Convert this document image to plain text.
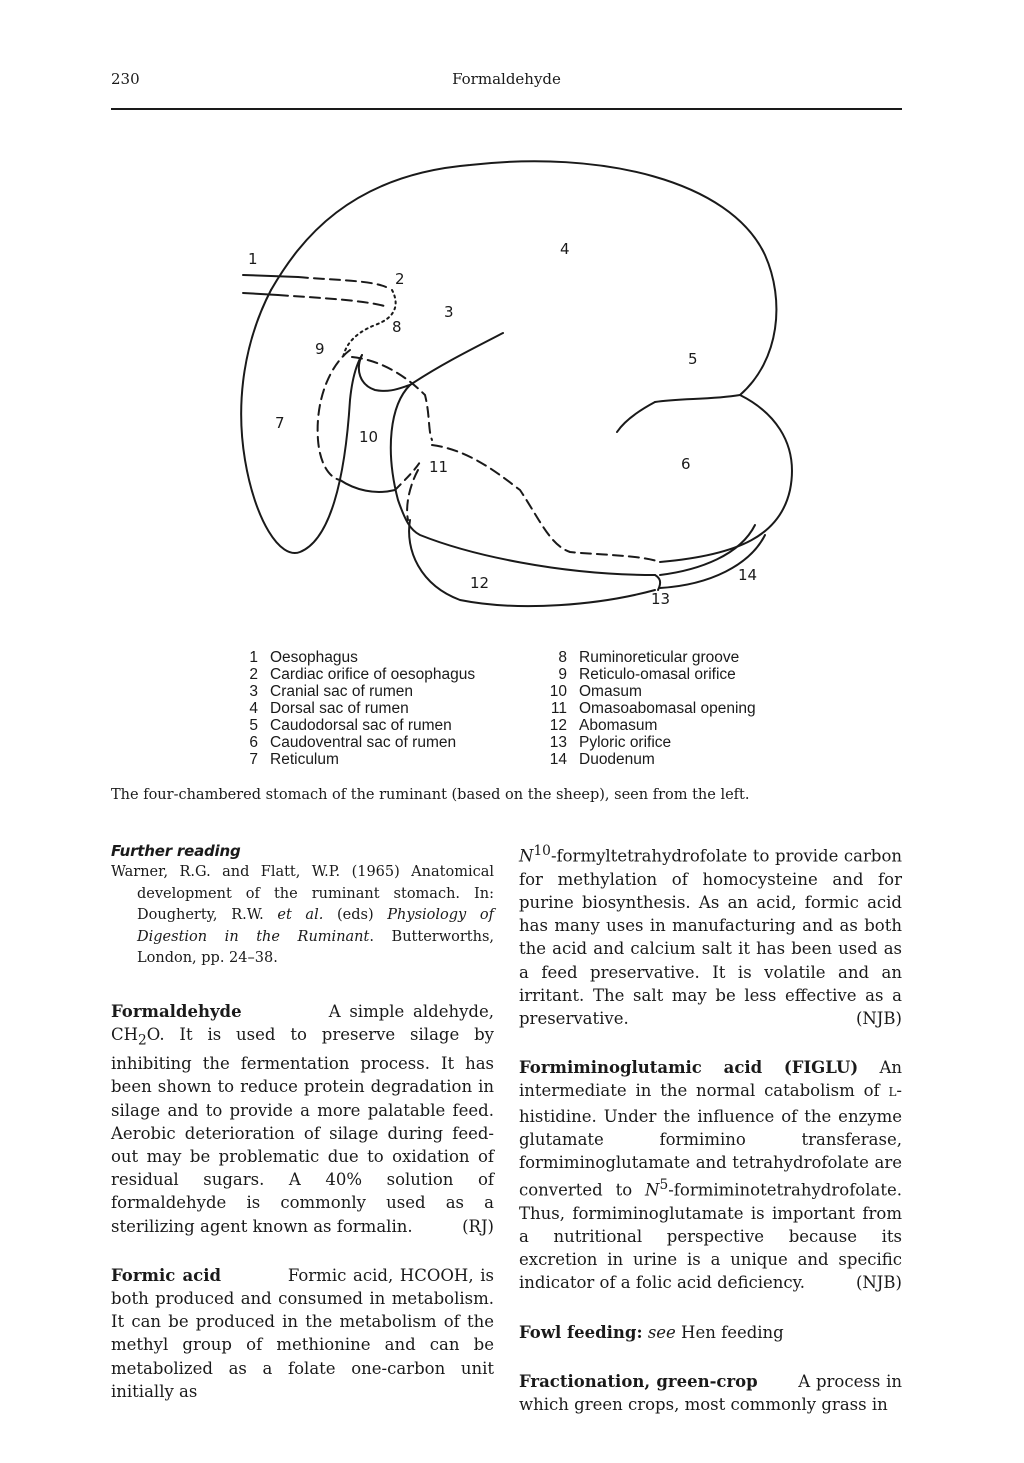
230	Formaldehyde
1
2
3
4
5
6
7
8
9
10
11
12
13
14
1 Oesophagus
2 Cardiac orifice of oesophagus
3 Cranial sac of rumen
4 Dorsal sac of rumen
5 Caudodorsal sac of rumen
6 Caudoventral sac of rumen
7 Reticulum
8 Ruminoreticular groove
9 Reticulo-omasal orifice
10 Omasum
11 Omasoabomasal opening
12 Abomasum
13 Pyloric orifice
14 Duodenum
The four-chambered stomach of the ruminant (based on the sheep), seen from the left.
Further reading

Warner, R.G. and Flatt, W.P. (1965) Anatomical development of the ruminant stomach. In: Dougherty, R.W. et al. (eds) Physiology of Digestion in the Ruminant. Butterworths, London, pp. 24–38.

Formaldehyde	A simple aldehyde, $CH_2O$. It is used to preserve silage by inhibiting the fermentation process. It has been shown to reduce protein degradation in silage and to provide a more palatable feed. Aerobic deterioration of silage during feed-out may be problematic due to oxidation of residual sugars. A 40% solution of formaldehyde is commonly used as a sterilizing agent known as formalin.	(RJ)

Formic acid	Formic acid, HCOOH, is both produced and consumed in metabolism. It can be produced in the metabolism of the methyl group of methionine and can be metabolized as a folate one-carbon unit initially as

$N^{10}$-formyltetrahydrofolate to provide carbon for methylation of homocysteine and for purine biosynthesis. As an acid, formic acid has many uses in manufacturing and as both the acid and calcium salt it has been used as a feed preservative. It is volatile and an irritant. The salt may be less effective as a preservative.	(NJB)

Formiminoglutamic acid (FIGLU) An intermediate in the normal catabolism of L-histidine. Under the influence of the enzyme glutamate formimino transferase, formiminoglutamate and tetrahydrofolate are converted to $N^5$-formiminotetrahydrofolate. Thus, formiminoglutamate is important from a nutritional perspective because its excretion in urine is a unique and specific indicator of a folic acid deficiency.	(NJB)

Fowl feeding: see Hen feeding

Fractionation, green-crop A process in which green crops, most commonly grass in
